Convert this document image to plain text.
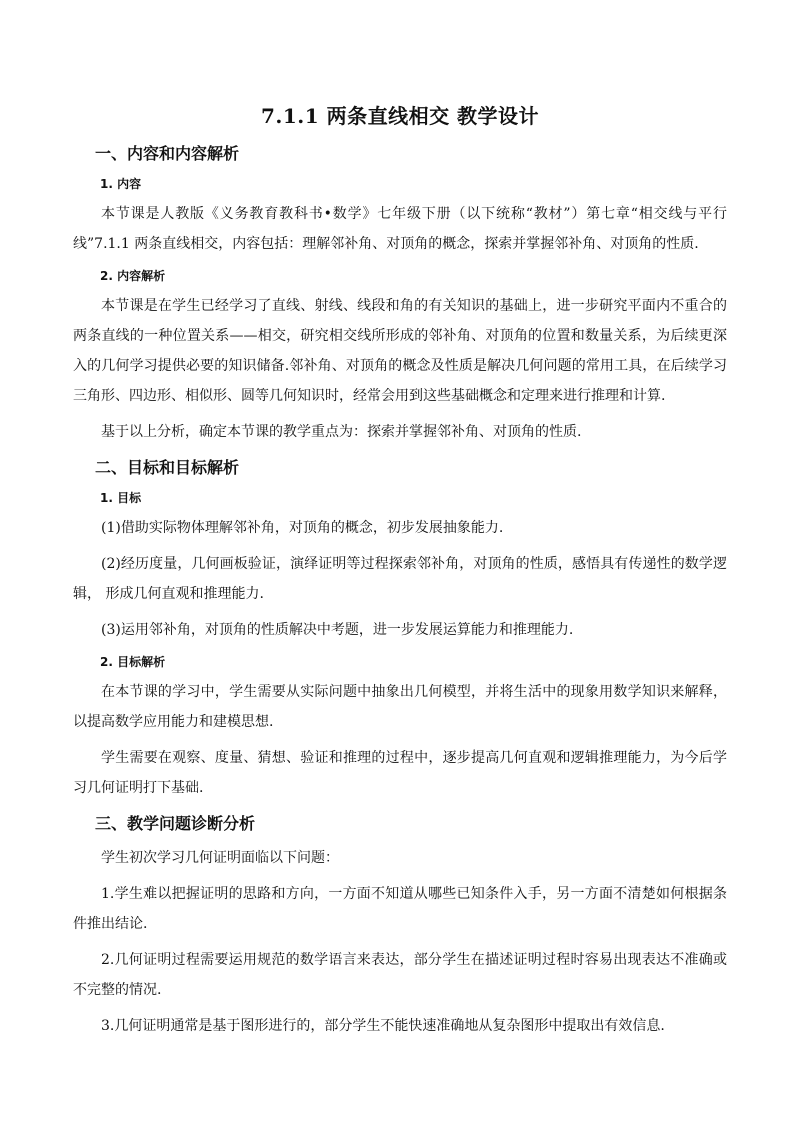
7.1.1 两条直线相交 教学设计
一、内容和内容解析
1. 内容

本节课是人教版《义务教育教科书•数学》七年级下册（以下统称“教材”）第七章“相交线与平行线”7.1.1 两条直线相交，内容包括：理解邻补角、对顶角的概念，探索并掌握邻补角、对顶角的性质.

2. 内容解析

本节课是在学生已经学习了直线、射线、线段和角的有关知识的基础上，进一步研究平面内不重合的两条直线的一种位置关系——相交，研究相交线所形成的邻补角、对顶角的位置和数量关系，为后续更深入的几何学习提供必要的知识储备.邻补角、对顶角的概念及性质是解决几何问题的常用工具，在后续学习三角形、四边形、相似形、圆等几何知识时，经常会用到这些基础概念和定理来进行推理和计算.

基于以上分析，确定本节课的教学重点为：探索并掌握邻补角、对顶角的性质.

二、目标和目标解析
1. 目标

(1)借助实际物体理解邻补角，对顶角的概念，初步发展抽象能力.

(2)经历度量，几何画板验证，演绎证明等过程探索邻补角，对顶角的性质，感悟具有传递性的数学逻辑， 形成几何直观和推理能力.

(3)运用邻补角，对顶角的性质解决中考题，进一步发展运算能力和推理能力.

2. 目标解析

在本节课的学习中，学生需要从实际问题中抽象出几何模型，并将生活中的现象用数学知识来解释，以提高数学应用能力和建模思想.

学生需要在观察、度量、猜想、验证和推理的过程中，逐步提高几何直观和逻辑推理能力，为今后学习几何证明打下基础.

三、教学问题诊断分析

学生初次学习几何证明面临以下问题：

1.学生难以把握证明的思路和方向，一方面不知道从哪些已知条件入手，另一方面不清楚如何根据条件推出结论.

2.几何证明过程需要运用规范的数学语言来表达，部分学生在描述证明过程时容易出现表达不准确或不完整的情况.

3.几何证明通常是基于图形进行的，部分学生不能快速准确地从复杂图形中提取出有效信息.
